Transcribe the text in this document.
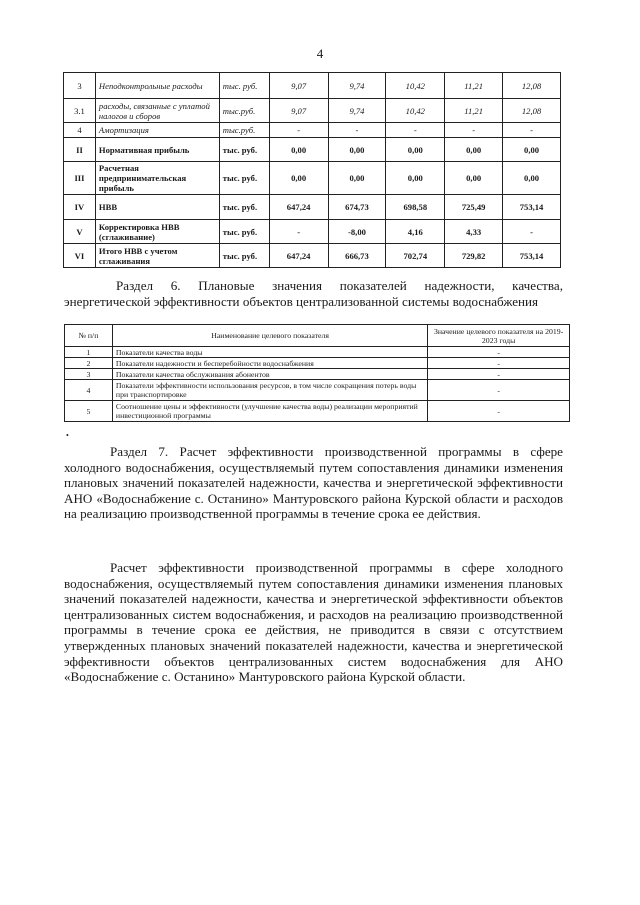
4
3	Неподконтрольные расходы	тыс. руб.	9,07	9,74	10,42	11,21	12,08
3.1	расходы, связанные с уплатой налогов и сборов	тыс.руб.	9,07	9,74	10,42	11,21	12,08
4	Амортизация	тыс.руб.	-	-	-	-	-
II	Нормативная прибыль	тыс. руб.	0,00	0,00	0,00	0,00	0,00
III	Расчетная предпринимательская прибыль	тыс. руб.	0,00	0,00	0,00	0,00	0,00
IV	НВВ	тыс. руб.	647,24	674,73	698,58	725,49	753,14
V	Корректировка НВВ (сглаживание)	тыс. руб.	-	-8,00	4,16	4,33	-
VI	Итого НВВ с учетом сглаживания	тыс. руб.	647,24	666,73	702,74	729,82	753,14

Раздел 6. Плановые значения показателей надежности, качества, энергетической эффективности объектов централизованной системы водоснабжения

№ п/п	Наименование целевого показателя	Значение целевого показателя на 2019-2023 годы
1	Показатели качества воды	-
2	Показатели надежности и бесперебойности водоснабжения	-
3	Показатели качества обслуживания абонентов	-
4	Показатели эффективности использования ресурсов, в том числе сокращения потерь воды при транспортировке	-
5	Соотношение цены и эффективности (улучшение качества воды) реализации мероприятий инвестиционной программы	-
•

Раздел 7. Расчет эффективности производственной программы в сфере холодного водоснабжения, осуществляемый путем сопоставления динамики изменения плановых значений показателей надежности, качества и энергетической эффективности АНО «Водоснабжение с. Останино» Мантуровского района Курской области и расходов на реализацию производственной программы в течение срока ее действия.

Расчет эффективности производственной программы в сфере холодного водоснабжения, осуществляемый путем сопоставления динамики изменения плановых значений показателей надежности, качества и энергетической эффективности объектов централизованных систем водоснабжения, и расходов на реализацию производственной программы в течение срока ее действия, не приводится в связи с отсутствием утвержденных плановых значений показателей надежности, качества и энергетической эффективности объектов централизованных систем водоснабжения для АНО «Водоснабжение с. Останино» Мантуровского района Курской области.
